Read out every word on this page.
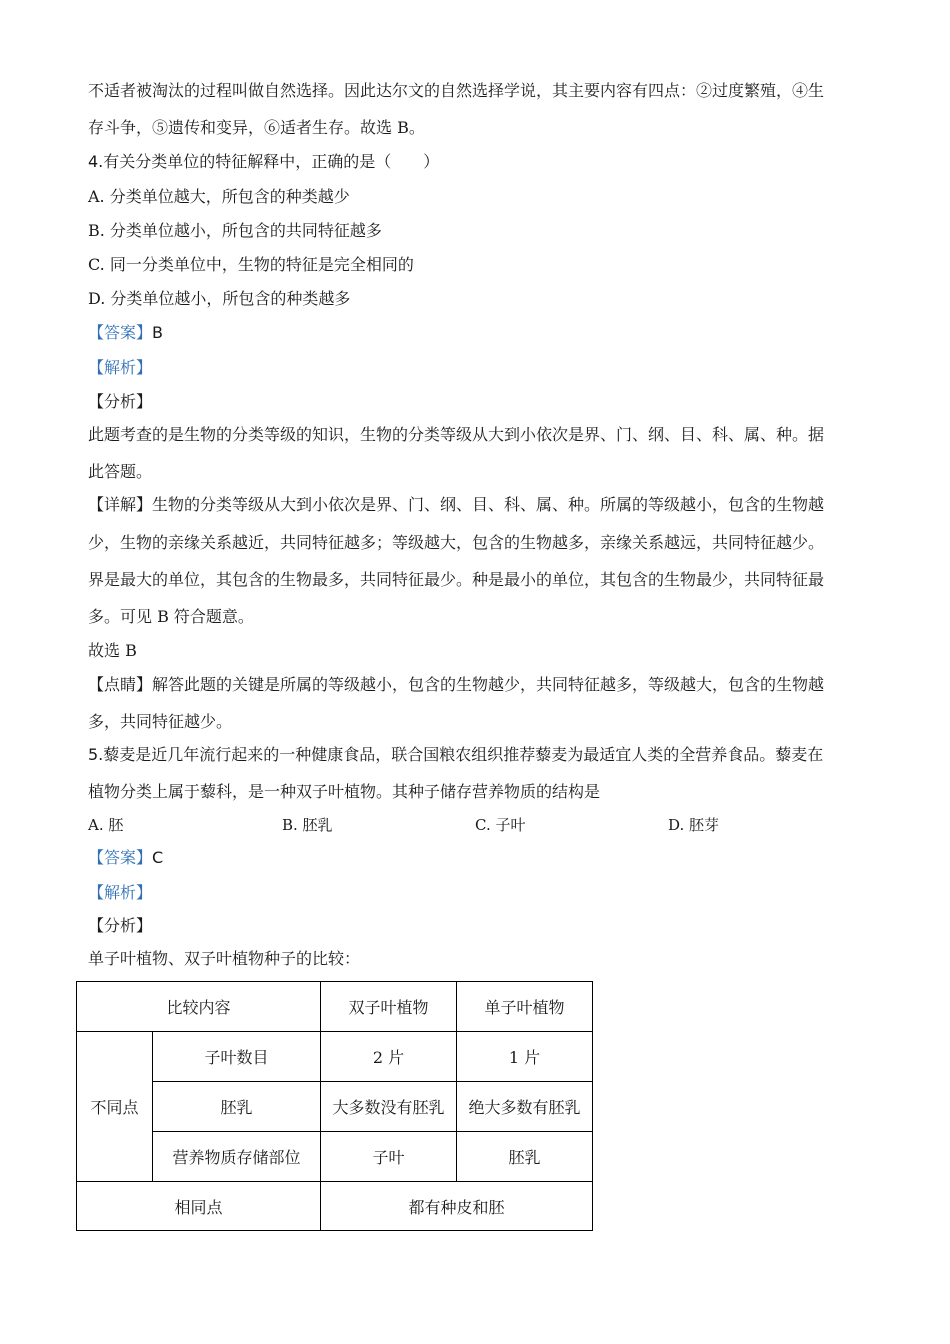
不适者被淘汰的过程叫做自然选择。因此达尔文的自然选择学说，其主要内容有四点：②过度繁殖，④生
存斗争，⑤遗传和变异，⑥适者生存。故选 B。
4.有关分类单位的特征解释中，正确的是（　　）
A. 分类单位越大，所包含的种类越少
B. 分类单位越小，所包含的共同特征越多
C. 同一分类单位中，生物的特征是完全相同的
D. 分类单位越小，所包含的种类越多
【答案】B
【解析】
【分析】
此题考查的是生物的分类等级的知识，生物的分类等级从大到小依次是界、门、纲、目、科、属、种。据
此答题。
【详解】生物的分类等级从大到小依次是界、门、纲、目、科、属、种。所属的等级越小，包含的生物越
少，生物的亲缘关系越近，共同特征越多；等级越大，包含的生物越多，亲缘关系越远，共同特征越少。
界是最大的单位，其包含的生物最多，共同特征最少。种是最小的单位，其包含的生物最少，共同特征最
多。可见 B 符合题意。
故选 B
【点睛】解答此题的关键是所属的等级越小，包含的生物越少，共同特征越多，等级越大，包含的生物越
多，共同特征越少。
5.藜麦是近几年流行起来的一种健康食品，联合国粮农组织推荐藜麦为最适宜人类的全营养食品。藜麦在
植物分类上属于藜科，是一种双子叶植物。其种子储存营养物质的结构是
A. 胚	B. 胚乳	C. 子叶	D. 胚芽
【答案】C
【解析】
【分析】
单子叶植物、双子叶植物种子的比较：
比较内容		双子叶植物	单子叶植物
不同点	子叶数目	2 片	1 片
	胚乳	大多数没有胚乳	绝大多数有胚乳
	营养物质存储部位	子叶	胚乳
相同点		都有种皮和胚	
